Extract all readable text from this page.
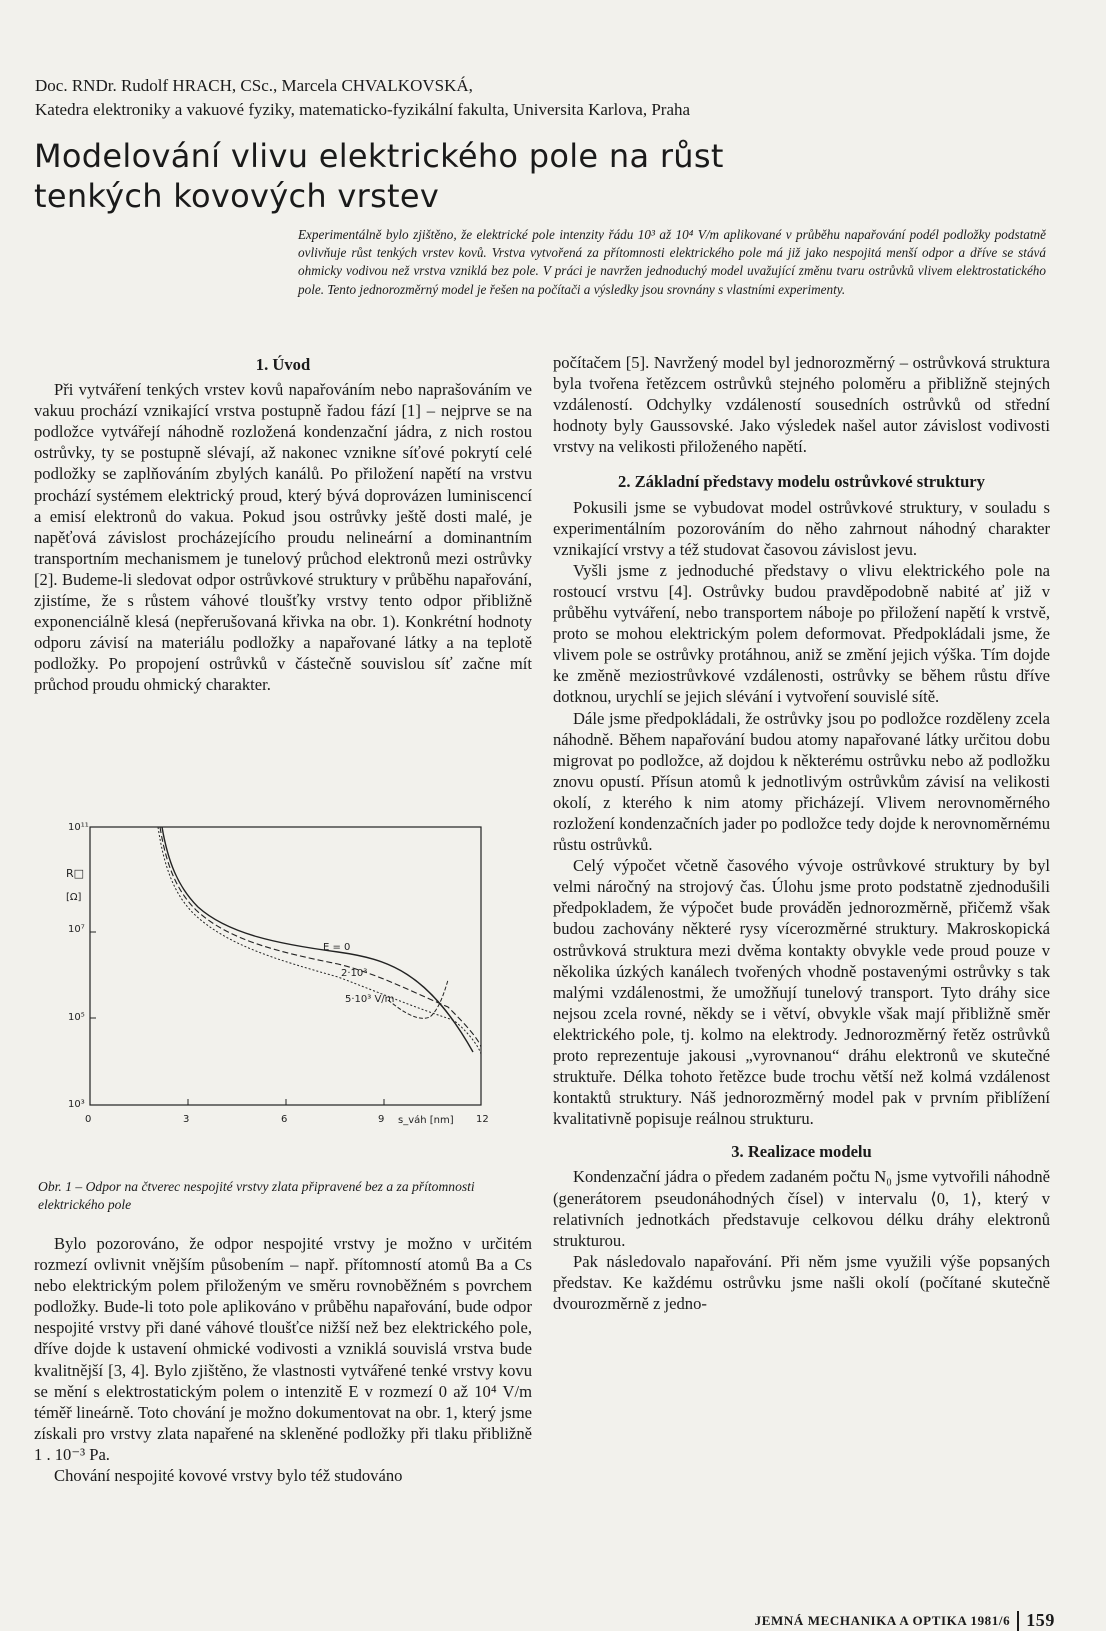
Doc. RNDr. Rudolf HRACH, CSc., Marcela CHVALKOVSKÁ,
Katedra elektroniky a vakuové fyziky, matematicko-fyzikální fakulta, Universita Karlova, Praha
Modelování vlivu elektrického pole na růst tenkých kovových vrstev

Experimentálně bylo zjištěno, že elektrické pole intenzity řádu 10³ až 10⁴ V/m aplikované v průběhu napařování podél podložky podstatně ovlivňuje růst tenkých vrstev kovů. Vrstva vytvořená za přítomnosti elektrického pole má již jako nespojitá menší odpor a dříve se stává ohmicky vodivou než vrstva vzniklá bez pole. V práci je navržen jednoduchý model uvažující změnu tvaru ostrůvků vlivem elektrostatického pole. Tento jednorozměrný model je řešen na počítači a výsledky jsou srovnány s vlastními experimenty.

1. Úvod

Při vytváření tenkých vrstev kovů napařováním nebo naprašováním ve vakuu prochází vznikající vrstva postupně řadou fází [1] – nejprve se na podložce vytvářejí náhodně rozložená kondenzační jádra, z nich rostou ostrůvky, ty se postupně slévají, až nakonec vznikne síťové pokrytí celé podložky se zaplňováním zbylých kanálů. Po přiložení napětí na vrstvu prochází systémem elektrický proud, který bývá doprovázen luminiscencí a emisí elektronů do vakua. Pokud jsou ostrůvky ještě dosti malé, je napěťová závislost procházejícího proudu nelineární a dominantním transportním mechanismem je tunelový průchod elektronů mezi ostrůvky [2]. Budeme-li sledovat odpor ostrůvkové struktury v průběhu napařování, zjistíme, že s růstem váhové tloušťky vrstvy tento odpor přibližně exponenciálně klesá (nepřerušovaná křivka na obr. 1). Konkrétní hodnoty odporu závisí na materiálu podložky a napařované látky a na teplotě podložky. Po propojení ostrůvků v částečně souvislou síť začne mít průchod proudu ohmický charakter.

10¹¹
10⁷
10⁵
10³
R□
[Ω]
0	3	6	9 s_váh [nm] 12
E = 0
2·10³
5·10³ V/m

Obr. 1 – Odpor na čtverec nespojité vrstvy zlata připravené bez a za přítomnosti elektrického pole

Bylo pozorováno, že odpor nespojité vrstvy je možno v určitém rozmezí ovlivnit vnějším působením – např. přítomností atomů Ba a Cs nebo elektrickým polem přiloženým ve směru rovnoběžném s povrchem podložky. Bude-li toto pole aplikováno v průběhu napařování, bude odpor nespojité vrstvy při dané váhové tloušťce nižší než bez elektrického pole, dříve dojde k ustavení ohmické vodivosti a vzniklá souvislá vrstva bude kvalitnější [3, 4]. Bylo zjištěno, že vlastnosti vytvářené tenké vrstvy kovu se mění s elektrostatickým polem o intenzitě E v rozmezí 0 až 10⁴ V/m téměř lineárně. Toto chování je možno dokumentovat na obr. 1, který jsme získali pro vrstvy zlata napařené na skleněné podložky při tlaku přibližně 1 . 10⁻³ Pa.

Chování nespojité kovové vrstvy bylo též studováno

počítačem [5]. Navržený model byl jednorozměrný – ostrůvková struktura byla tvořena řetězcem ostrůvků stejného poloměru a přibližně stejných vzdáleností. Odchylky vzdáleností sousedních ostrůvků od střední hodnoty byly Gaussovské. Jako výsledek našel autor závislost vodivosti vrstvy na velikosti přiloženého napětí.

2. Základní představy modelu ostrůvkové struktury

Pokusili jsme se vybudovat model ostrůvkové struktury, v souladu s experimentálním pozorováním do něho zahrnout náhodný charakter vznikající vrstvy a též studovat časovou závislost jevu.

Vyšli jsme z jednoduché představy o vlivu elektrického pole na rostoucí vrstvu [4]. Ostrůvky budou pravděpodobně nabité ať již v průběhu vytváření, nebo transportem náboje po přiložení napětí k vrstvě, proto se mohou elektrickým polem deformovat. Předpokládali jsme, že vlivem pole se ostrůvky protáhnou, aniž se změní jejich výška. Tím dojde ke změně meziostrůvkové vzdálenosti, ostrůvky se během růstu dříve dotknou, urychlí se jejich slévání i vytvoření souvislé sítě.

Dále jsme předpokládali, že ostrůvky jsou po podložce rozděleny zcela náhodně. Během napařování budou atomy napařované látky určitou dobu migrovat po podložce, až dojdou k některému ostrůvku nebo až podložku znovu opustí. Přísun atomů k jednotlivým ostrůvkům závisí na velikosti okolí, z kterého k nim atomy přicházejí. Vlivem nerovnoměrného rozložení kondenzačních jader po podložce tedy dojde k nerovnoměrnému růstu ostrůvků.

Celý výpočet včetně časového vývoje ostrůvkové struktury by byl velmi náročný na strojový čas. Úlohu jsme proto podstatně zjednodušili předpokladem, že výpočet bude prováděn jednorozměrně, přičemž však budou zachovány některé rysy vícerozměrné struktury. Makroskopická ostrůvková struktura mezi dvěma kontakty obvykle vede proud pouze v několika úzkých kanálech tvořených vhodně postavenými ostrůvky s tak malými vzdálenostmi, že umožňují tunelový transport. Tyto dráhy sice nejsou zcela rovné, někdy se i větví, obvykle však mají přibližně směr elektrického pole, tj. kolmo na elektrody. Jednorozměrný řetěz ostrůvků proto reprezentuje jakousi „vyrovnanou“ dráhu elektronů ve skutečné struktuře. Délka tohoto řetězce bude trochu větší než kolmá vzdálenost kontaktů struktury. Náš jednorozměrný model pak v prvním přiblížení kvalitativně popisuje reálnou strukturu.

3. Realizace modelu

Kondenzační jádra o předem zadaném počtu N₀ jsme vytvořili náhodně (generátorem pseudonáhodných čísel) v intervalu ⟨0, 1⟩, který v relativních jednotkách představuje celkovou délku dráhy elektronů strukturou.

Pak následovalo napařování. Při něm jsme využili výše popsaných představ. Ke každému ostrůvku jsme našli okolí (počítané skutečně dvourozměrně z jedno-

JEMNÁ MECHANIKA A OPTIKA 1981/6 159
